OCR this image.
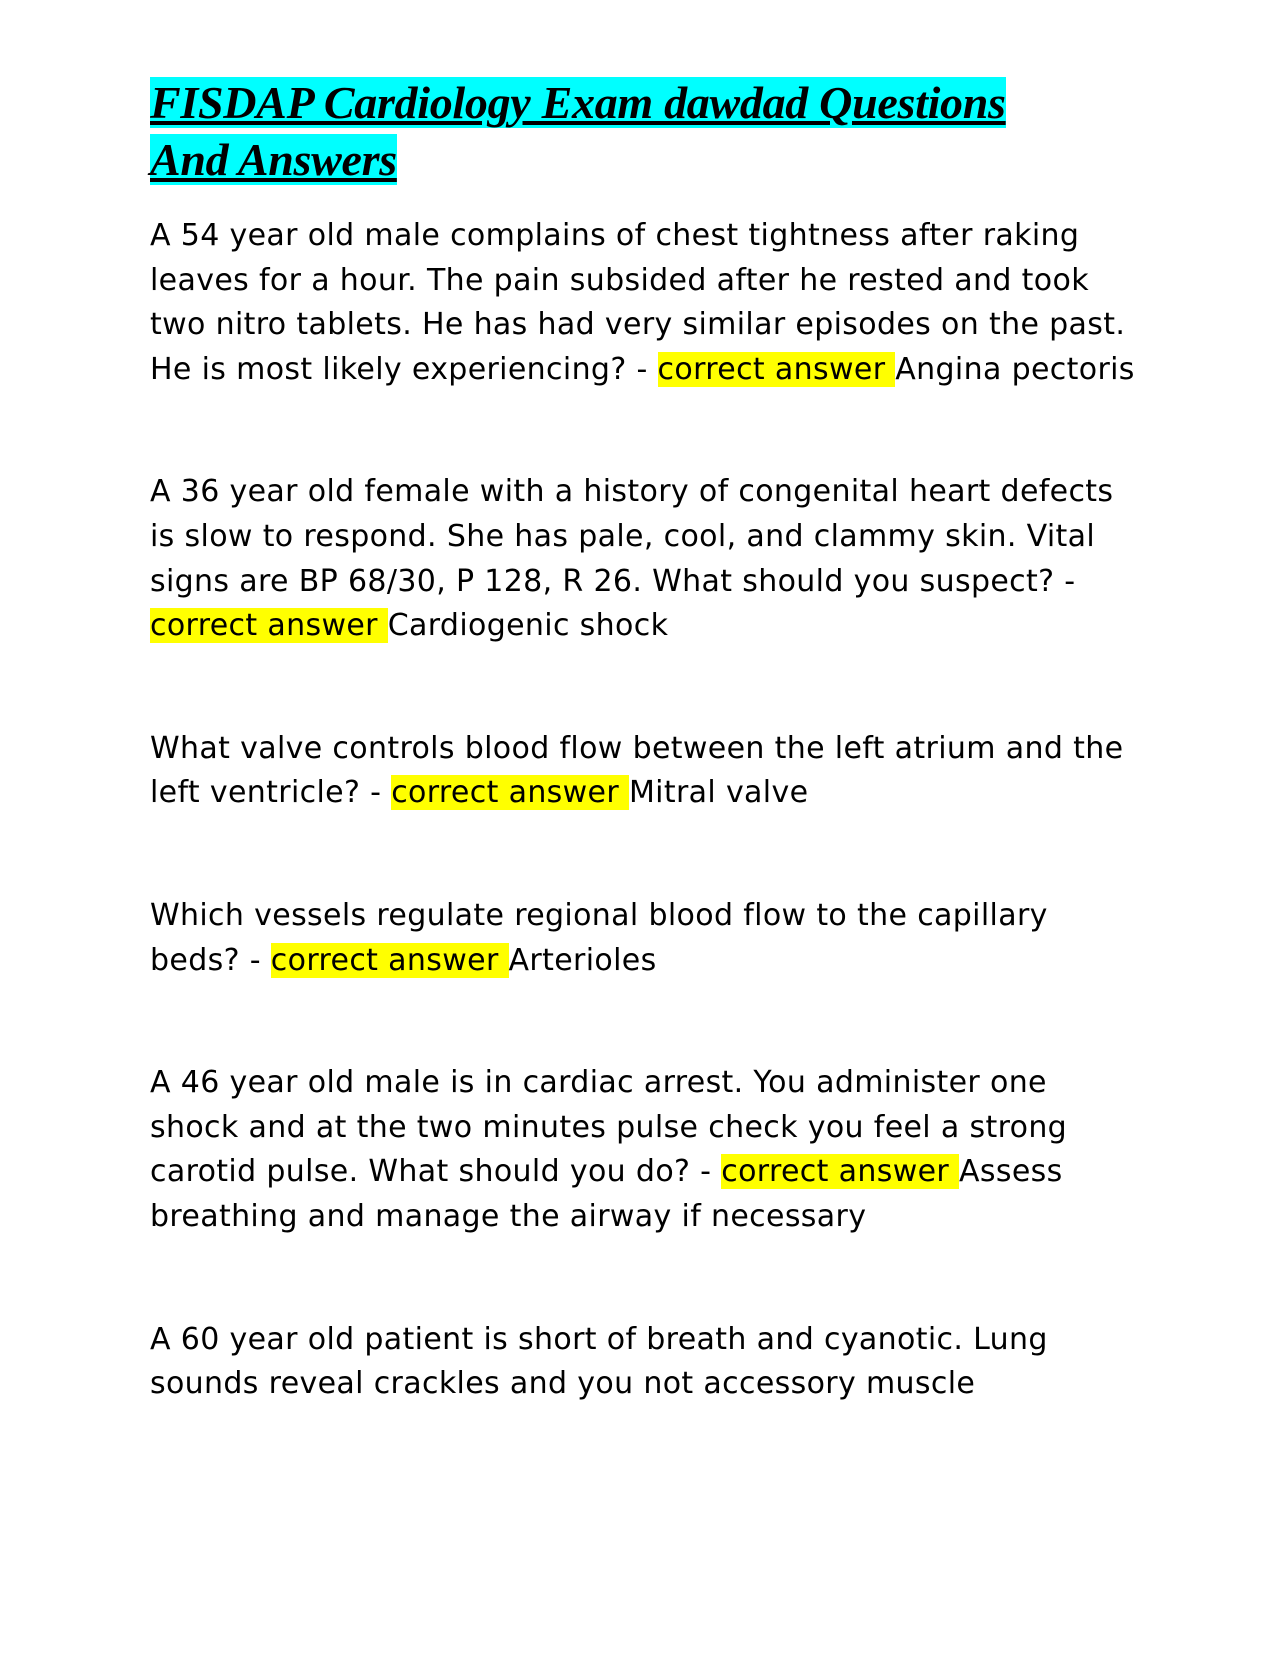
FISDAP Cardiology Exam dawdad Questions
And Answers

A 54 year old male complains of chest tightness after raking leaves for a hour. The pain subsided after he rested and took two nitro tablets. He has had very similar episodes on the past. He is most likely experiencing? - correct answer Angina pectoris

A 36 year old female with a history of congenital heart defects is slow to respond. She has pale, cool, and clammy skin. Vital signs are BP 68/30, P 128, R 26. What should you suspect? - correct answer Cardiogenic shock

What valve controls blood flow between the left atrium and the left ventricle? - correct answer Mitral valve

Which vessels regulate regional blood flow to the capillary beds? - correct answer Arterioles

A 46 year old male is in cardiac arrest. You administer one shock and at the two minutes pulse check you feel a strong carotid pulse. What should you do? - correct answer Assess breathing and manage the airway if necessary

A 60 year old patient is short of breath and cyanotic. Lung sounds reveal crackles and you not accessory muscle
